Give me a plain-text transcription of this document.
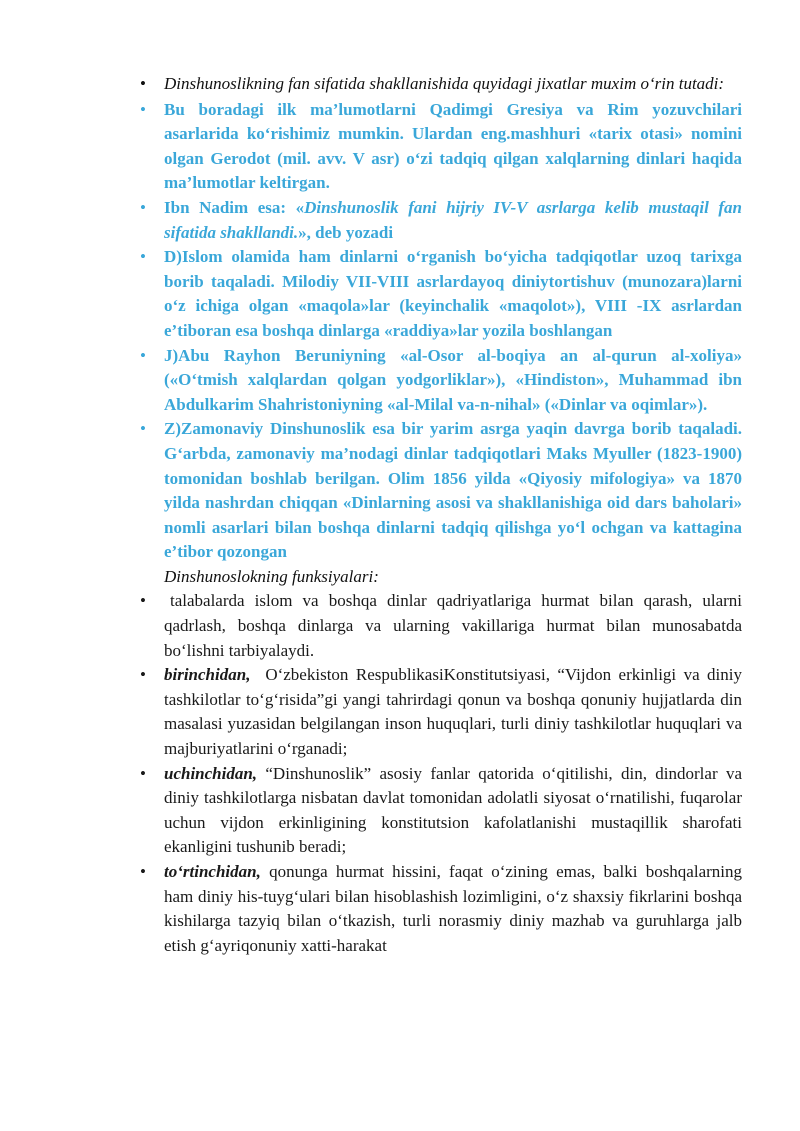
• Dinshunoslikning fan sifatida shakllanishida quyidagi jixatlar muxim o‘rin tutadi:
• Bu boradagi ilk ma’lumotlarni Qadimgi Gresiya va Rim yozuvchilari asarlarida ko‘rishimiz mumkin. Ulardan eng.mashhuri «tarix otasi» nomini olgan Gerodot (mil. avv. V asr) o‘zi tadqiq qilgan xalqlarning dinlari haqida ma’lumotlar keltirgan.
• Ibn Nadim esa: «Dinshunoslik fani hijriy IV-V asrlarga kelib mustaqil fan sifatida shakllandi.», deb yozadi
• D)Islom olamida ham dinlarni o‘rganish bo‘yicha tadqiqotlar uzoq tarixga borib taqaladi. Milodiy VII-VIII asrlardayoq diniytortishuv (munozara)larni o‘z ichiga olgan «maqola»lar (keyinchalik «maqolot»), VIII -IX asrlardan e’tiboran esa boshqa dinlarga «raddiya»lar yozila boshlangan
• J)Abu Rayhon Beruniyning «al-Osor al-boqiya an al-qurun al-xoliya» («O‘tmish xalqlardan qolgan yodgorliklar»), «Hindiston», Muhammad ibn Abdulkarim Shahristoniyning «al-Milal va-n-nihal» («Dinlar va oqimlar»).
• Z)Zamonaviy Dinshunoslik esa bir yarim asrga yaqin davrga borib taqaladi. G‘arbda, zamonaviy ma’nodagi dinlar tadqiqotlari Maks Myuller (1823-1900) tomonidan boshlab berilgan. Olim 1856 yilda «Qiyosiy mifologiya» va 1870 yilda nashrdan chiqqan «Dinlarning asosi va shakllanishiga oid dars baholari» nomli asarlari bilan boshqa dinlarni tadqiq qilishga yo‘l ochgan va kattagina e’tibor qozongan
Dinshunoslokning funksiyalari:
• talabalarda islom va boshqa dinlar qadriyatlariga hurmat bilan qarash, ularni qadrlash, boshqa dinlarga va ularning vakillariga hurmat bilan munosabatda bo‘lishni tarbiyalaydi.
• birinchidan, O‘zbekiston RespublikasiKonstitutsiyasi, “Vijdon erkinligi va diniy tashkilotlar to‘g‘risida”gi yangi tahrirdagi qonun va boshqa qonuniy hujjatlarda din masalasi yuzasidan belgilangan inson huquqlari, turli diniy tashkilotlar huquqlari va majburiyatlarini o‘rganadi;
• uchinchidan, “Dinshunoslik” asosiy fanlar qatorida o‘qitilishi, din, dindorlar va diniy tashkilotlarga nisbatan davlat tomonidan adolatli siyosat o‘rnatilishi, fuqarolar uchun vijdon erkinligining konstitutsion kafolatlanishi mustaqillik sharofati ekanligini tushunib beradi;
• to‘rtinchidan, qonunga hurmat hissini, faqat o‘zining emas, balki boshqalarning ham diniy his-tuyg‘ulari bilan hisoblashish lozimligini, o‘z shaxsiy fikrlarini boshqa kishilarga tazyiq bilan o‘tkazish, turli norasmiy diniy mazhab va guruhlarga jalb etish g‘ayriqonuniy xatti-harakat
